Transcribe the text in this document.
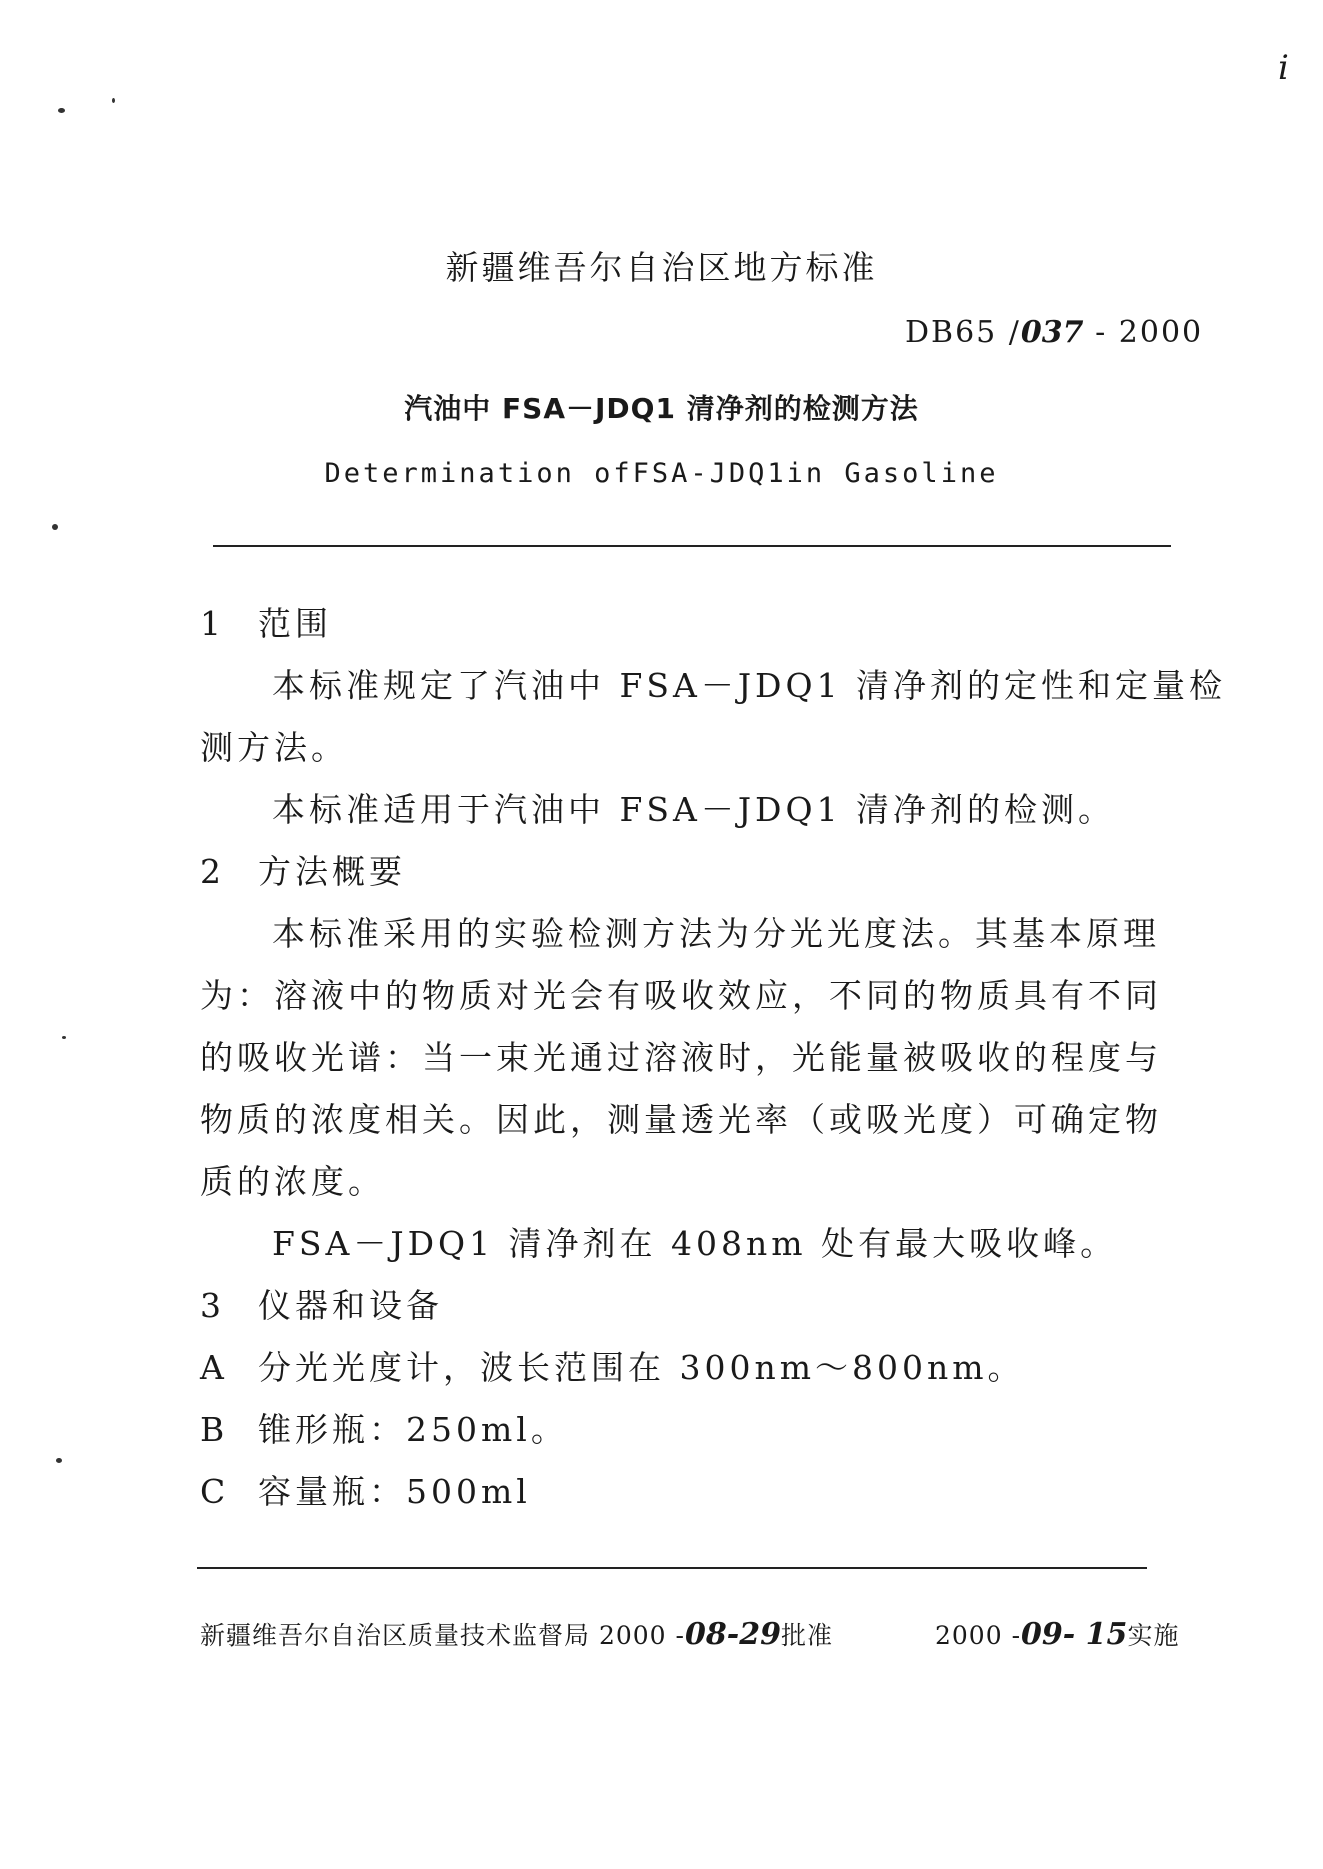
i
新疆维吾尔自治区地方标准
DB65 /037 - 2000
汽油中 FSA－JDQ1 清净剂的检测方法
Determination ofFSA-JDQ1in Gasoline
1 范围
本标准规定了汽油中 FSA－JDQ1 清净剂的定性和定量检
测方法。
本标准适用于汽油中 FSA－JDQ1 清净剂的检测。
2 方法概要
本标准采用的实验检测方法为分光光度法。其基本原理
为：溶液中的物质对光会有吸收效应，不同的物质具有不同
的吸收光谱：当一束光通过溶液时，光能量被吸收的程度与
物质的浓度相关。因此，测量透光率（或吸光度）可确定物
质的浓度。
FSA－JDQ1 清净剂在 408nm 处有最大吸收峰。
3 仪器和设备
A 分光光度计，波长范围在 300nm～800nm。
B 锥形瓶：250ml。
C 容量瓶：500ml
新疆维吾尔自治区质量技术监督局 2000 -08-29批准	2000 -09- 15实施
